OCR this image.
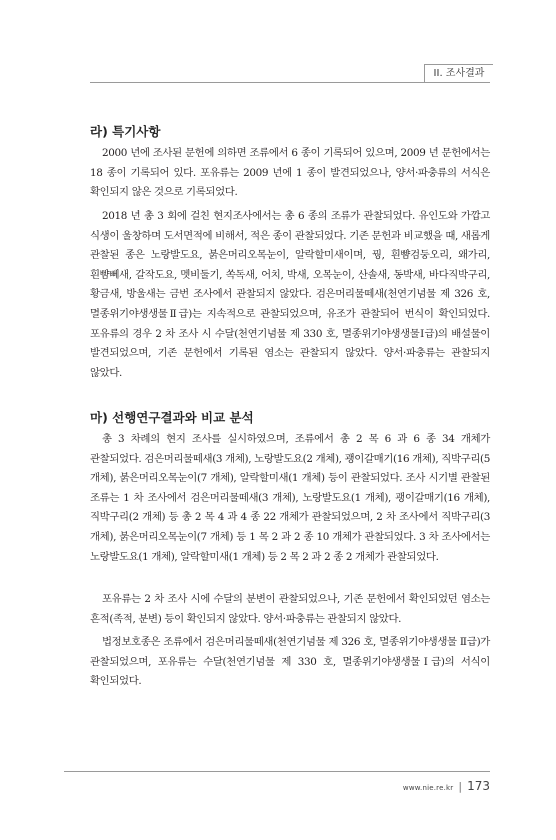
II. 조사결과
라) 특기사항

2000 년에 조사된 문헌에 의하면 조류에서 6 종이 기록되어 있으며, 2009 년 문헌에서는 18 종이 기록되어 있다. 포유류는 2009 년에 1 종이 발견되었으나, 양서·파충류의 서식은 확인되지 않은 것으로 기록되었다.

2018 년 총 3 회에 걸친 현지조사에서는 총 6 종의 조류가 관찰되었다. 유인도와 가깝고 식생이 울창하며 도서면적에 비해서, 적은 종이 관찰되었다. 기존 문헌과 비교했을 때, 새롭게 관찰된 종은 노랑발도요, 붉은머리오목눈이, 알락할미새이며, 꿩, 흰뺨검둥오리, 왜가리, 흰뺨뻬새, 갈작도요, 멧비둘기, 쏙독새, 어치, 박새, 오목눈이, 산솔새, 동박새, 바다직박구리, 황금새, 방울새는 금번 조사에서 관찰되지 않았다. 검은머리물떼새(천연기념물 제 326 호, 멸종위기야생생물Ⅱ급)는 지속적으로 관찰되었으며, 유조가 관찰되어 번식이 확인되었다. 포유류의 경우 2 차 조사 시 수달(천연기념물 제 330 호, 멸종위기야생생물Ⅰ급)의 배설물이 발견되었으며, 기존 문헌에서 기록된 염소는 관찰되지 않았다. 양서·파충류는 관찰되지 않았다.

마) 선행연구결과와 비교 분석

총 3 차례의 현지 조사를 실시하였으며, 조류에서 총 2 목 6 과 6 종 34 개체가 관찰되었다. 검은머리물떼새(3 개체), 노랑발도요(2 개체), 괭이갈매기(16 개체), 직박구리(5 개체), 붉은머리오목눈이(7 개체), 알락할미새(1 개체) 등이 관찰되었다. 조사 시기별 관찰된 조류는 1 차 조사에서 검은머리물떼새(3 개체), 노랑발도요(1 개체), 괭이갈매기(16 개체), 직박구리(2 개체) 등 총 2 목 4 과 4 종 22 개체가 관찰되었으며, 2 차 조사에서 직박구리(3 개체), 붉은머리오목눈이(7 개체) 등 1 목 2 과 2 종 10 개체가 관찰되었다. 3 차 조사에서는 노랑발도요(1 개체), 알락할미새(1 개체) 등 2 목 2 과 2 종 2 개체가 관찰되었다.

포유류는 2 차 조사 시에 수달의 분변이 관찰되었으나, 기존 문헌에서 확인되었던 염소는 흔적(족적, 분변) 등이 확인되지 않았다. 양서·파충류는 관찰되지 않았다.

법정보호종은 조류에서 검은머리물떼새(천연기념물 제 326 호, 멸종위기야생생물 Ⅱ급)가 관찰되었으며, 포유류는 수달(천연기념물 제 330 호, 멸종위기야생생물Ⅰ급)의 서식이 확인되었다.

www.nie.re.kr | 173
